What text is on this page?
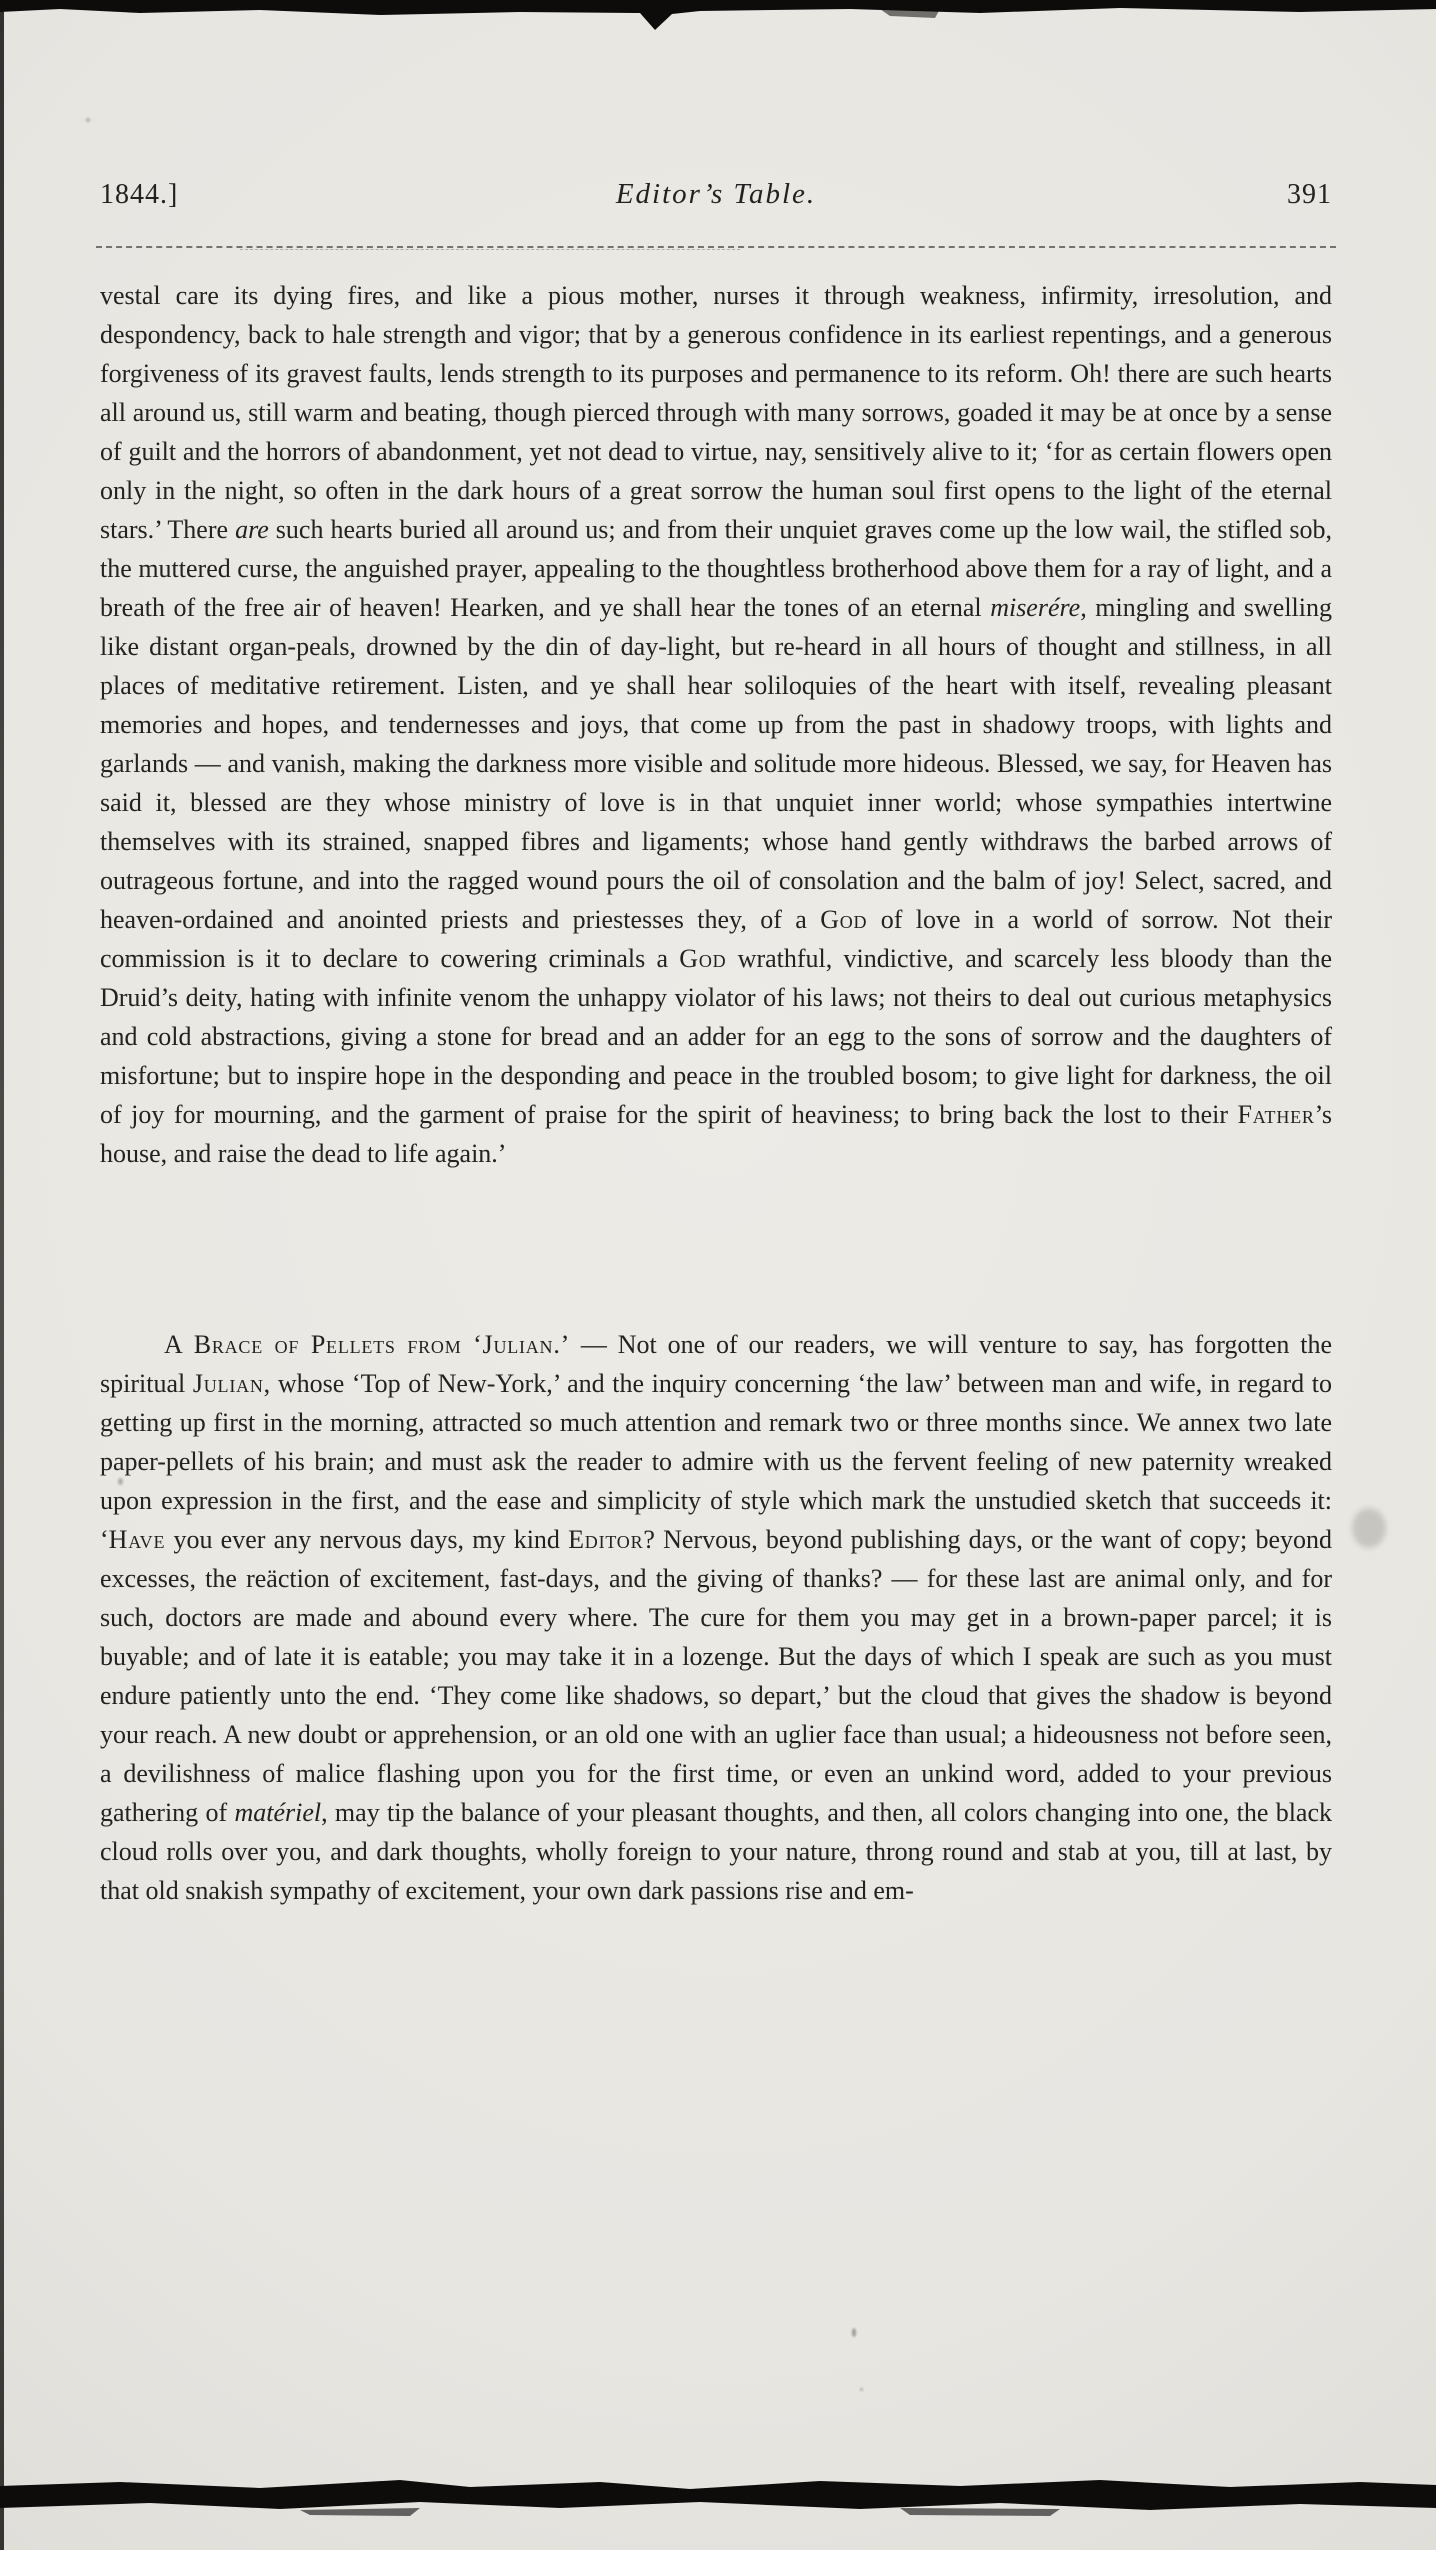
1844.]	Editor’s Table.	391

vestal care its dying fires, and like a pious mother, nurses it through weakness, infirmity, irresolution, and despondency, back to hale strength and vigor; that by a generous confidence in its earliest repentings, and a generous forgiveness of its gravest faults, lends strength to its purposes and permanence to its reform. Oh! there are such hearts all around us, still warm and beating, though pierced through with many sorrows, goaded it may be at once by a sense of guilt and the horrors of abandonment, yet not dead to virtue, nay, sensitively alive to it; ‘for as certain flowers open only in the night, so often in the dark hours of a great sorrow the human soul first opens to the light of the eternal stars.’ There are such hearts buried all around us; and from their unquiet graves come up the low wail, the stifled sob, the muttered curse, the anguished prayer, appealing to the thoughtless brotherhood above them for a ray of light, and a breath of the free air of heaven! Hearken, and ye shall hear the tones of an eternal miserére, mingling and swelling like distant organ-peals, drowned by the din of day-light, but re-heard in all hours of thought and stillness, in all places of meditative retirement. Listen, and ye shall hear soliloquies of the heart with itself, revealing pleasant memories and hopes, and tendernesses and joys, that come up from the past in shadowy troops, with lights and garlands — and vanish, making the darkness more visible and solitude more hideous. Blessed, we say, for Heaven has said it, blessed are they whose ministry of love is in that unquiet inner world; whose sympathies intertwine themselves with its strained, snapped fibres and ligaments; whose hand gently withdraws the barbed arrows of outrageous fortune, and into the ragged wound pours the oil of consolation and the balm of joy! Select, sacred, and heaven-ordained and anointed priests and priestesses they, of a God of love in a world of sorrow. Not their commission is it to declare to cowering criminals a God wrathful, vindictive, and scarcely less bloody than the Druid’s deity, hating with infinite venom the unhappy violator of his laws; not theirs to deal out curious metaphysics and cold abstractions, giving a stone for bread and an adder for an egg to the sons of sorrow and the daughters of misfortune; but to inspire hope in the desponding and peace in the troubled bosom; to give light for darkness, the oil of joy for mourning, and the garment of praise for the spirit of heaviness; to bring back the lost to their Father’s house, and raise the dead to life again.’

A Brace of Pellets from ‘Julian.’ — Not one of our readers, we will venture to say, has forgotten the spiritual Julian, whose ‘Top of New-York,’ and the inquiry concerning ‘the law’ between man and wife, in regard to getting up first in the morning, attracted so much attention and remark two or three months since. We annex two late paper-pellets of his brain; and must ask the reader to admire with us the fervent feeling of new paternity wreaked upon expression in the first, and the ease and simplicity of style which mark the unstudied sketch that succeeds it: ‘Have you ever any nervous days, my kind Editor? Nervous, beyond publishing days, or the want of copy; beyond excesses, the reäction of excitement, fast-days, and the giving of thanks? — for these last are animal only, and for such, doctors are made and abound every where. The cure for them you may get in a brown-paper parcel; it is buyable; and of late it is eatable; you may take it in a lozenge. But the days of which I speak are such as you must endure patiently unto the end. ‘They come like shadows, so depart,’ but the cloud that gives the shadow is beyond your reach. A new doubt or apprehension, or an old one with an uglier face than usual; a hideousness not before seen, a devilishness of malice flashing upon you for the first time, or even an unkind word, added to your previous gathering of matériel, may tip the balance of your pleasant thoughts, and then, all colors changing into one, the black cloud rolls over you, and dark thoughts, wholly foreign to your nature, throng round and stab at you, till at last, by that old snakish sympathy of excitement, your own dark passions rise and em-
